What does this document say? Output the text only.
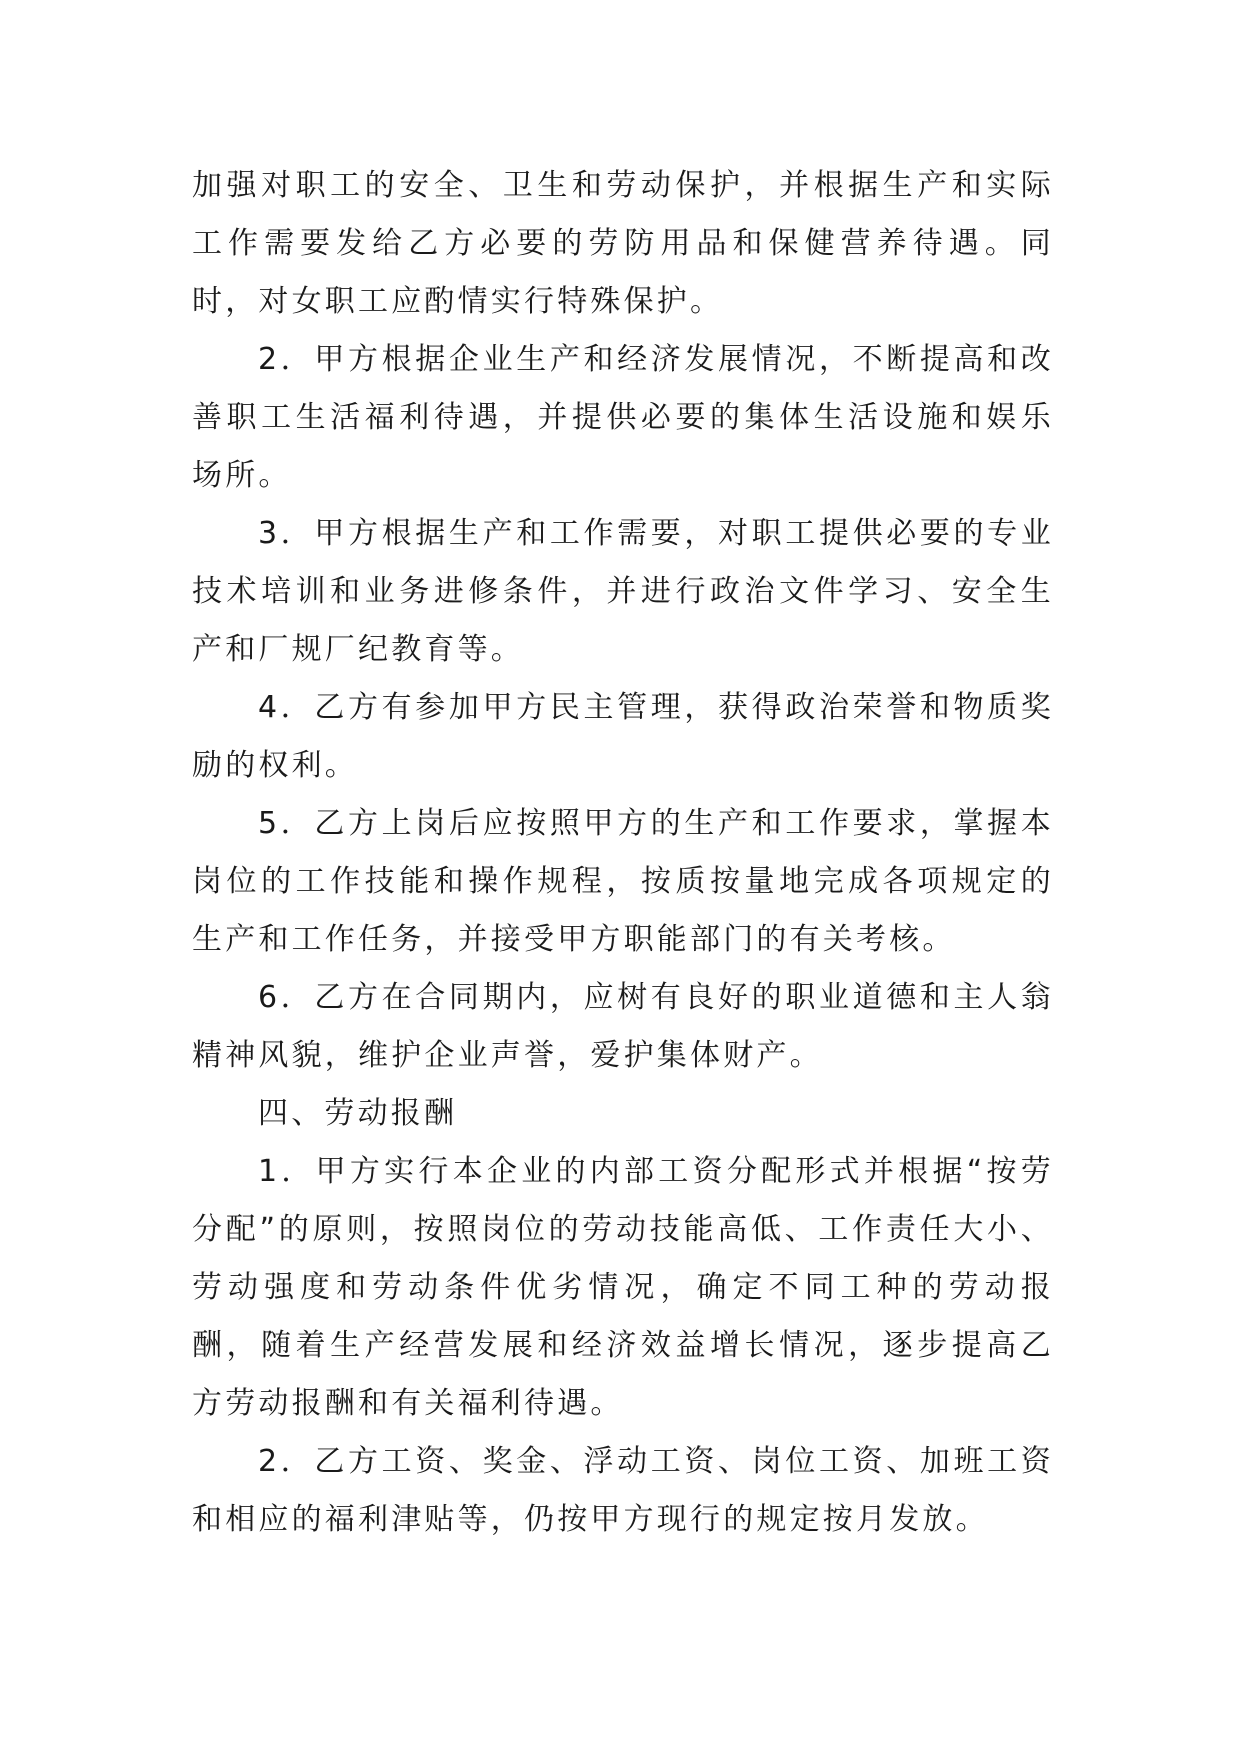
加强对职工的安全、卫生和劳动保护，并根据生产和实际工作需要发给乙方必要的劳防用品和保健营养待遇。同时，对女职工应酌情实行特殊保护。

2．甲方根据企业生产和经济发展情况，不断提高和改善职工生活福利待遇，并提供必要的集体生活设施和娱乐场所。

3．甲方根据生产和工作需要，对职工提供必要的专业技术培训和业务进修条件，并进行政治文件学习、安全生产和厂规厂纪教育等。

4．乙方有参加甲方民主管理，获得政治荣誉和物质奖励的权利。

5．乙方上岗后应按照甲方的生产和工作要求，掌握本岗位的工作技能和操作规程，按质按量地完成各项规定的生产和工作任务，并接受甲方职能部门的有关考核。

6．乙方在合同期内，应树有良好的职业道德和主人翁精神风貌，维护企业声誉，爱护集体财产。

四、劳动报酬

1．甲方实行本企业的内部工资分配形式并根据“按劳分配”的原则，按照岗位的劳动技能高低、工作责任大小、劳动强度和劳动条件优劣情况，确定不同工种的劳动报酬，随着生产经营发展和经济效益增长情况，逐步提高乙方劳动报酬和有关福利待遇。

2．乙方工资、奖金、浮动工资、岗位工资、加班工资和相应的福利津贴等，仍按甲方现行的规定按月发放。
